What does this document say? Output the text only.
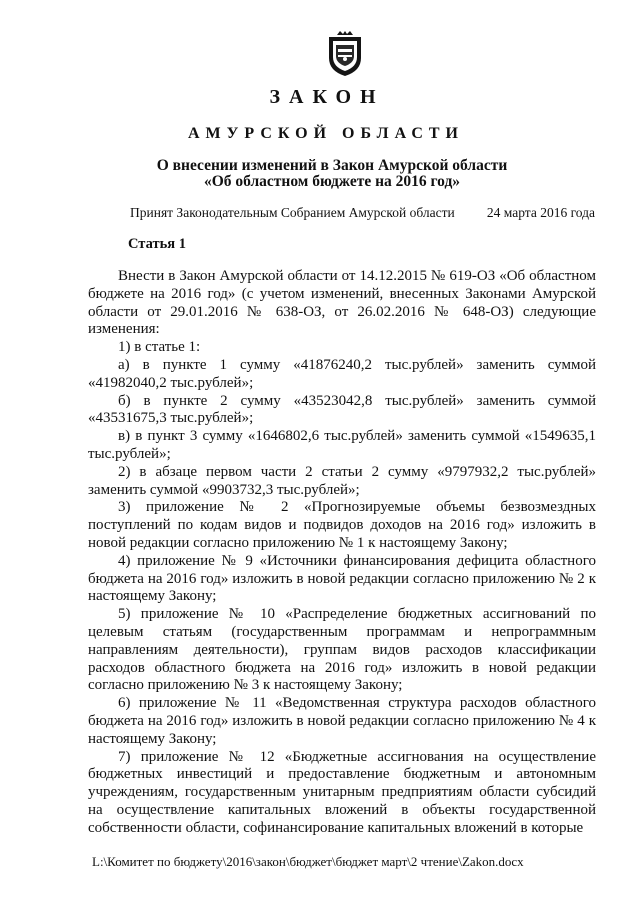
ЗАКОН
АМУРСКОЙ ОБЛАСТИ
О внесении изменений в Закон Амурской области
«Об областном бюджете на 2016 год»
Принят Законодательным Собранием Амурской области 24 марта 2016 года
Статья 1

Внести в Закон Амурской области от 14.12.2015 № 619-ОЗ «Об областном бюджете на 2016 год» (с учетом изменений, внесенных Законами Амурской области от 29.01.2016 № 638-ОЗ, от 26.02.2016 № 648-ОЗ) следующие изменения:

1) в статье 1:

а) в пункте 1 сумму «41876240,2 тыс.рублей» заменить суммой «41982040,2 тыс.рублей»;

б) в пункте 2 сумму «43523042,8 тыс.рублей» заменить суммой «43531675,3 тыс.рублей»;

в) в пункт 3 сумму «1646802,6 тыс.рублей» заменить суммой «1549635,1 тыс.рублей»;

2) в абзаце первом части 2 статьи 2 сумму «9797932,2 тыс.рублей» заменить суммой «9903732,3 тыс.рублей»;

3) приложение № 2 «Прогнозируемые объемы безвозмездных поступлений по кодам видов и подвидов доходов на 2016 год» изложить в новой редакции согласно приложению № 1 к настоящему Закону;

4) приложение № 9 «Источники финансирования дефицита областного бюджета на 2016 год» изложить в новой редакции согласно приложению № 2 к настоящему Закону;

5) приложение № 10 «Распределение бюджетных ассигнований по целевым статьям (государственным программам и непрограммным направлениям деятельности), группам видов расходов классификации расходов областного бюджета на 2016 год» изложить в новой редакции согласно приложению № 3 к настоящему Закону;

6) приложение № 11 «Ведомственная структура расходов областного бюджета на 2016 год» изложить в новой редакции согласно приложению № 4 к настоящему Закону;

7) приложение № 12 «Бюджетные ассигнования на осуществление бюджетных инвестиций и предоставление бюджетным и автономным учреждениям, государственным унитарным предприятиям области субсидий на осуществление капитальных вложений в объекты государственной собственности области, софинансирование капитальных вложений в которые

L:\Комитет по бюджету\2016\закон\бюджет\бюджет март\2 чтение\Zakon.docx
